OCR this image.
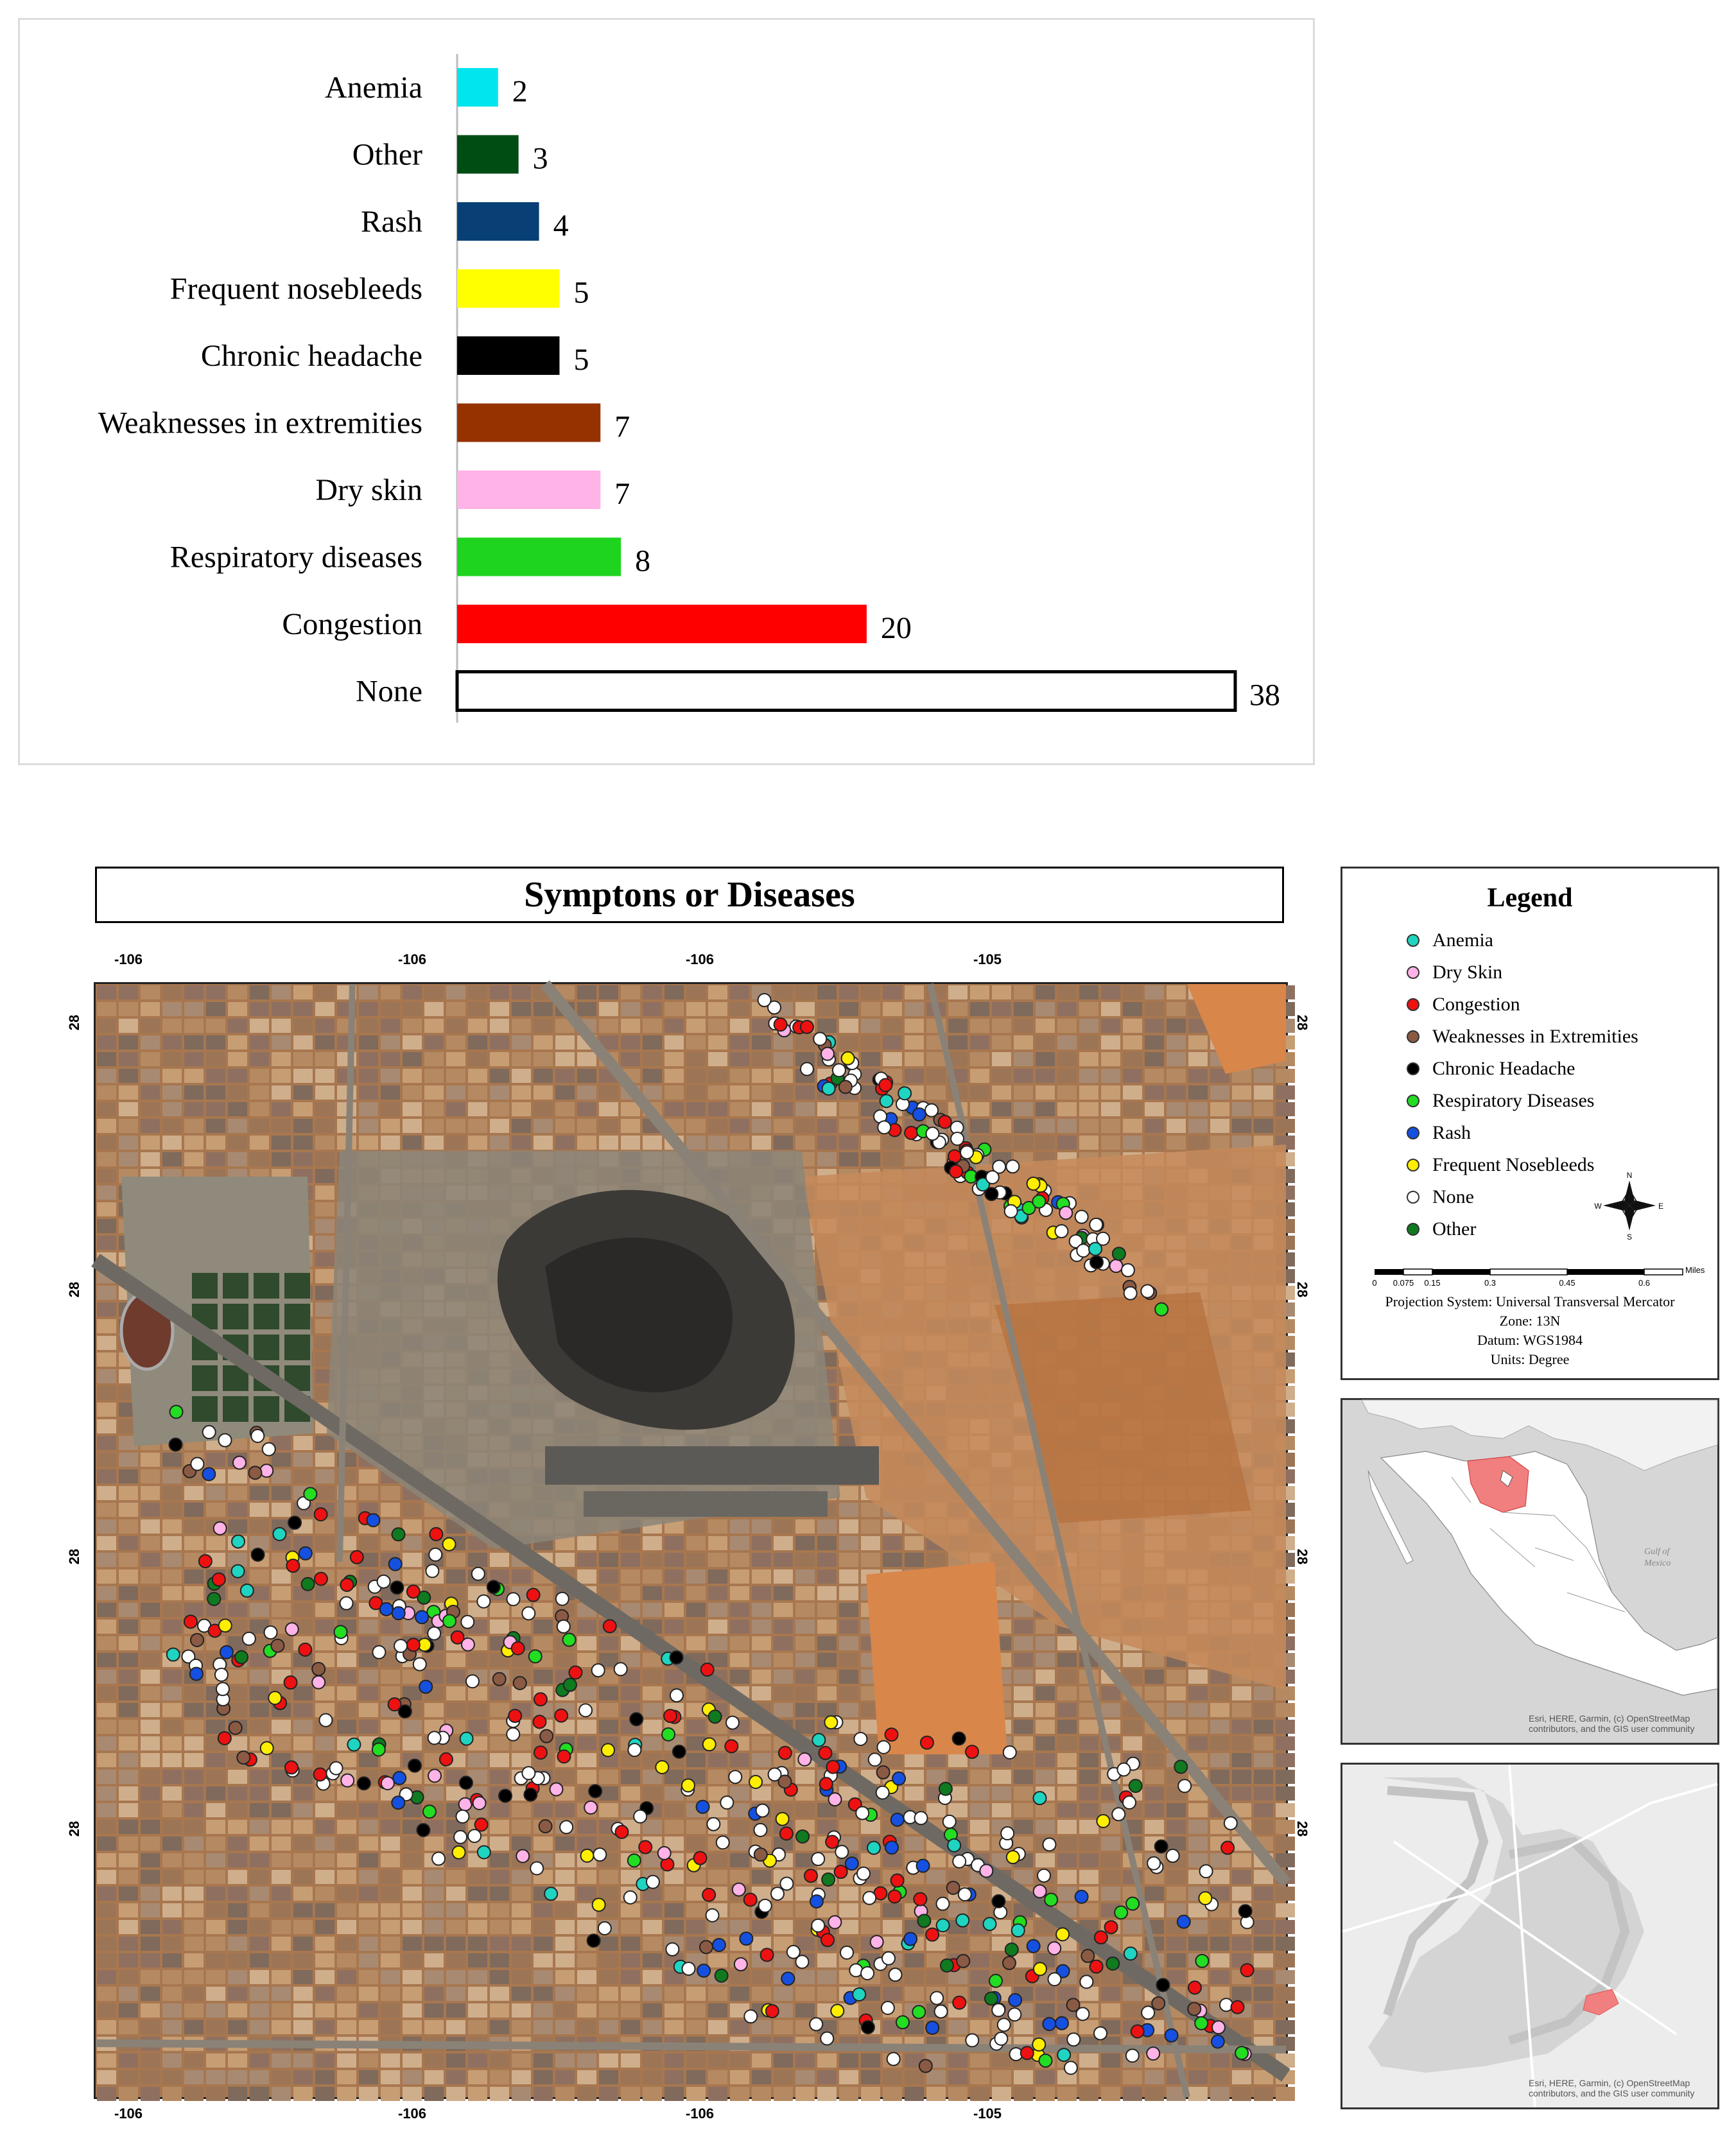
Anemia	2
Other	3
Rash	4
Frequent nosebleeds	5
Chronic headache	5
Weaknesses in extremities	7
Dry skin	7
Respiratory diseases	8
Congestion	20
None	38
Symptons or Diseases
-106	-106	-106	-105
-106	-106	-106	-105
28
28
28
28
28
28
28
28
Legend
Anemia
Dry Skin
Congestion
Weaknesses in Extremities
Chronic Headache
Respiratory Diseases
Rash
Frequent Nosebleeds
None
Other
N
S
W	E
0 0.075 0.15	0.3	0.45	0.6
Miles
Projection System: Universal Transversal Mercator
Zone: 13N
Datum: WGS1984
Units: Degree
Gulf of
Mexico
Esri, HERE, Garmin, (c) OpenStreetMap contributors, and the GIS user community
Esri, HERE, Garmin, (c) OpenStreetMap contributors, and the GIS user community
